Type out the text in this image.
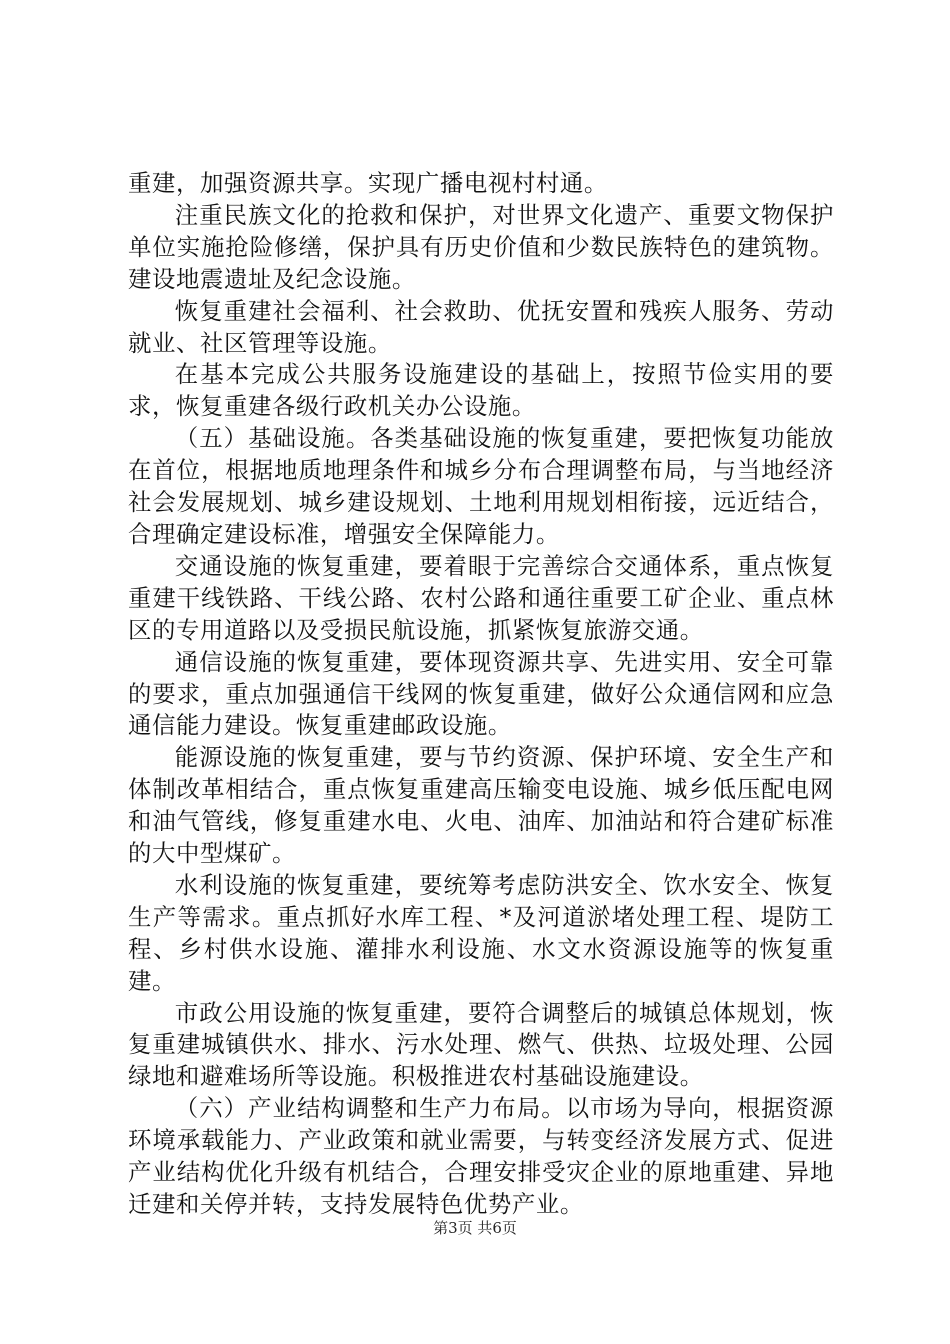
重建，加强资源共享。实现广播电视村村通。

注重民族文化的抢救和保护，对世界文化遗产、重要文物保护单位实施抢险修缮，保护具有历史价值和少数民族特色的建筑物。建设地震遗址及纪念设施。

恢复重建社会福利、社会救助、优抚安置和残疾人服务、劳动就业、社区管理等设施。

在基本完成公共服务设施建设的基础上，按照节俭实用的要求，恢复重建各级行政机关办公设施。

（五）基础设施。各类基础设施的恢复重建，要把恢复功能放在首位，根据地质地理条件和城乡分布合理调整布局，与当地经济社会发展规划、城乡建设规划、土地利用规划相衔接，远近结合，合理确定建设标准，增强安全保障能力。

交通设施的恢复重建，要着眼于完善综合交通体系，重点恢复重建干线铁路、干线公路、农村公路和通往重要工矿企业、重点林区的专用道路以及受损民航设施，抓紧恢复旅游交通。

通信设施的恢复重建，要体现资源共享、先进实用、安全可靠的要求，重点加强通信干线网的恢复重建，做好公众通信网和应急通信能力建设。恢复重建邮政设施。

能源设施的恢复重建，要与节约资源、保护环境、安全生产和体制改革相结合，重点恢复重建高压输变电设施、城乡低压配电网和油气管线，修复重建水电、火电、油库、加油站和符合建矿标准的大中型煤矿。

水利设施的恢复重建，要统筹考虑防洪安全、饮水安全、恢复生产等需求。重点抓好水库工程、*及河道淤堵处理工程、堤防工程、乡村供水设施、灌排水利设施、水文水资源设施等的恢复重建。

市政公用设施的恢复重建，要符合调整后的城镇总体规划，恢复重建城镇供水、排水、污水处理、燃气、供热、垃圾处理、公园绿地和避难场所等设施。积极推进农村基础设施建设。

（六）产业结构调整和生产力布局。以市场为导向，根据资源环境承载能力、产业政策和就业需要，与转变经济发展方式、促进产业结构优化升级有机结合，合理安排受灾企业的原地重建、异地迁建和关停并转，支持发展特色优势产业。

第3页 共6页
